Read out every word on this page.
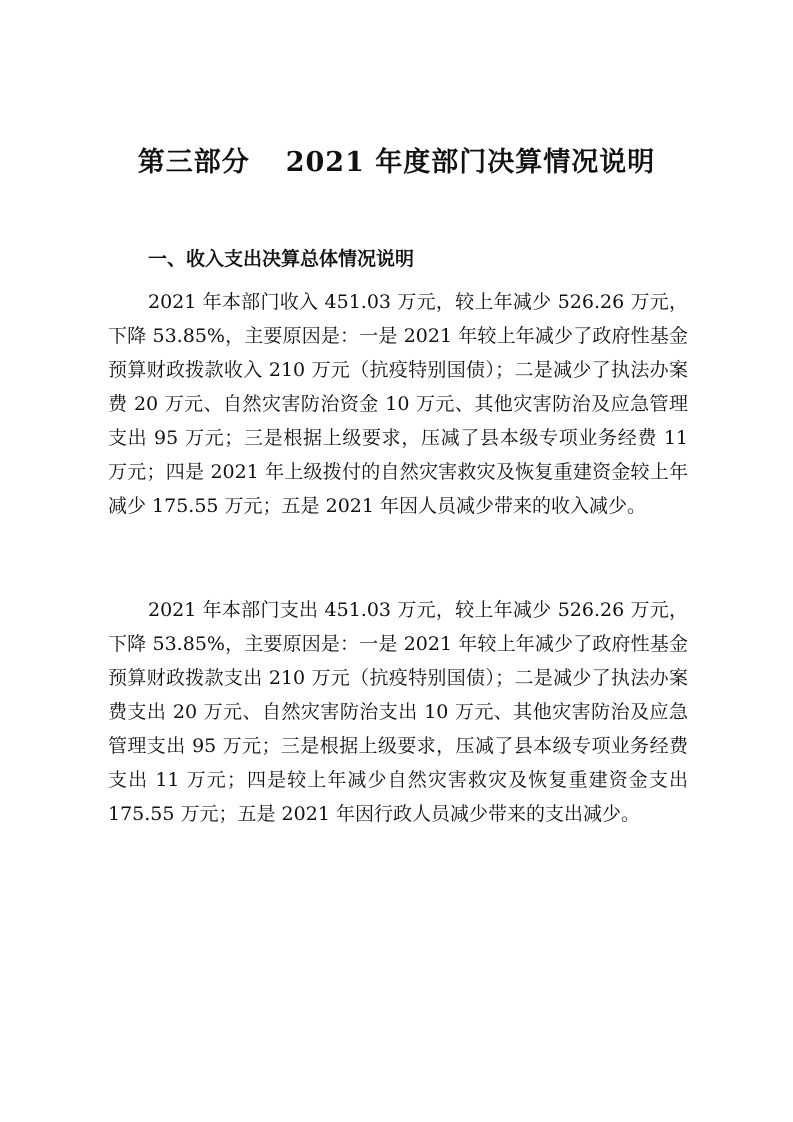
第三部分 2021 年度部门决算情况说明
一、收入支出决算总体情况说明

2021 年本部门收入 451.03 万元，较上年减少 526.26 万元，下降 53.85%，主要原因是：一是 2021 年较上年减少了政府性基金预算财政拨款收入 210 万元（抗疫特别国债）；二是减少了执法办案费 20 万元、自然灾害防治资金 10 万元、其他灾害防治及应急管理支出 95 万元；三是根据上级要求，压减了县本级专项业务经费 11 万元；四是 2021 年上级拨付的自然灾害救灾及恢复重建资金较上年减少 175.55 万元；五是 2021 年因人员减少带来的收入减少。

2021 年本部门支出 451.03 万元，较上年减少 526.26 万元，下降 53.85%，主要原因是：一是 2021 年较上年减少了政府性基金预算财政拨款支出 210 万元（抗疫特别国债）；二是减少了执法办案费支出 20 万元、自然灾害防治支出 10 万元、其他灾害防治及应急管理支出 95 万元；三是根据上级要求，压减了县本级专项业务经费支出 11 万元；四是较上年减少自然灾害救灾及恢复重建资金支出 175.55 万元；五是 2021 年因行政人员减少带来的支出减少。
